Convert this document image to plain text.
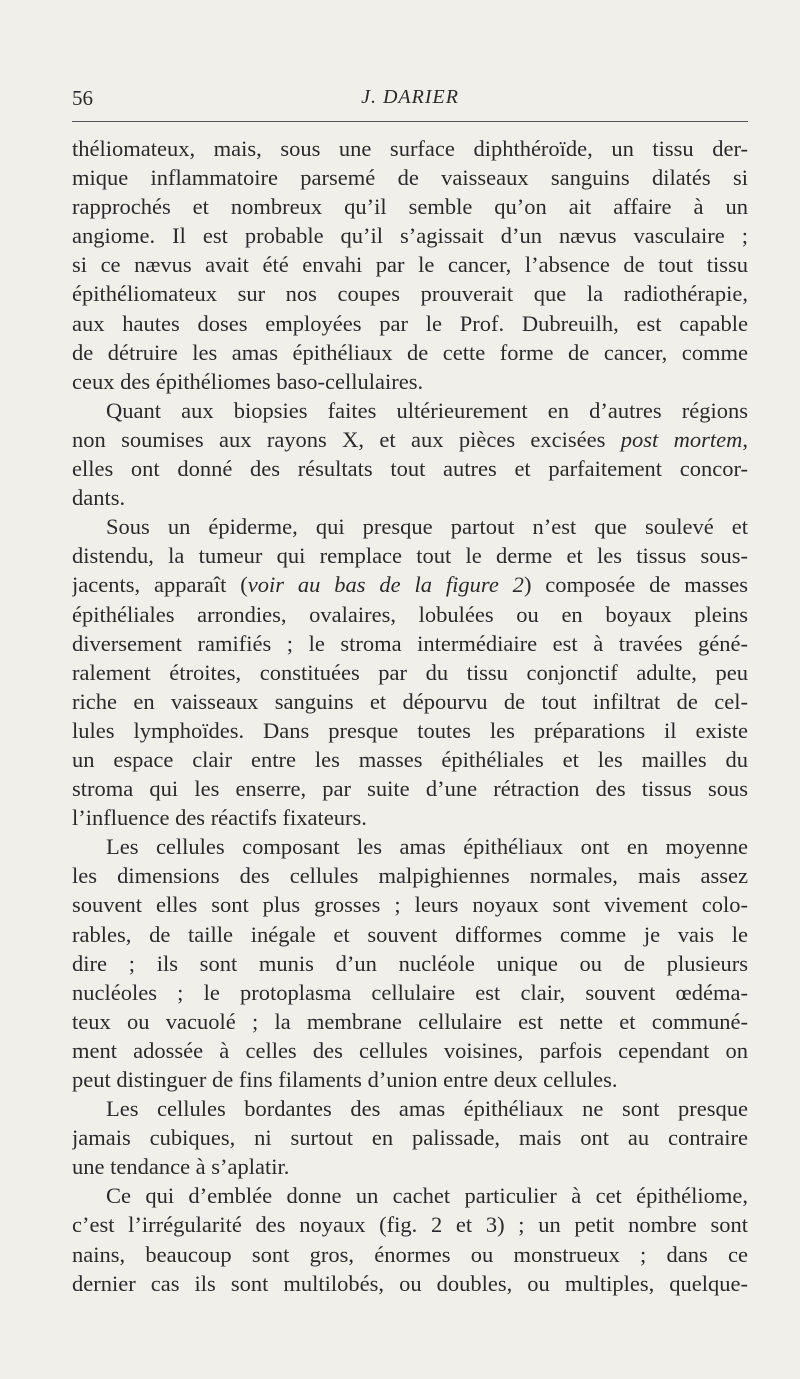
56	J. DARIER
théliomateux, mais, sous une surface diphthéroïde, un tissu der-
mique inflammatoire parsemé de vaisseaux sanguins dilatés si
rapprochés et nombreux qu’il semble qu’on ait affaire à un
angiome. Il est probable qu’il s’agissait d’un nævus vasculaire ;
si ce nævus avait été envahi par le cancer, l’absence de tout tissu
épithéliomateux sur nos coupes prouverait que la radiothérapie,
aux hautes doses employées par le Prof. Dubreuilh, est capable
de détruire les amas épithéliaux de cette forme de cancer, comme
ceux des épithéliomes baso-cellulaires.
Quant aux biopsies faites ultérieurement en d’autres régions
non soumises aux rayons X, et aux pièces excisées post mortem,
elles ont donné des résultats tout autres et parfaitement concor-
dants.
Sous un épiderme, qui presque partout n’est que soulevé et
distendu, la tumeur qui remplace tout le derme et les tissus sous-
jacents, apparaît (voir au bas de la figure 2) composée de masses
épithéliales arrondies, ovalaires, lobulées ou en boyaux pleins
diversement ramifiés ; le stroma intermédiaire est à travées géné-
ralement étroites, constituées par du tissu conjonctif adulte, peu
riche en vaisseaux sanguins et dépourvu de tout infiltrat de cel-
lules lymphoïdes. Dans presque toutes les préparations il existe
un espace clair entre les masses épithéliales et les mailles du
stroma qui les enserre, par suite d’une rétraction des tissus sous
l’influence des réactifs fixateurs.
Les cellules composant les amas épithéliaux ont en moyenne
les dimensions des cellules malpighiennes normales, mais assez
souvent elles sont plus grosses ; leurs noyaux sont vivement colo-
rables, de taille inégale et souvent difformes comme je vais le
dire ; ils sont munis d’un nucléole unique ou de plusieurs
nucléoles ; le protoplasma cellulaire est clair, souvent œdéma-
teux ou vacuolé ; la membrane cellulaire est nette et communé-
ment adossée à celles des cellules voisines, parfois cependant on
peut distinguer de fins filaments d’union entre deux cellules.
Les cellules bordantes des amas épithéliaux ne sont presque
jamais cubiques, ni surtout en palissade, mais ont au contraire
une tendance à s’aplatir.
Ce qui d’emblée donne un cachet particulier à cet épithéliome,
c’est l’irrégularité des noyaux (fig. 2 et 3) ; un petit nombre sont
nains, beaucoup sont gros, énormes ou monstrueux ; dans ce
dernier cas ils sont multilobés, ou doubles, ou multiples, quelque-
